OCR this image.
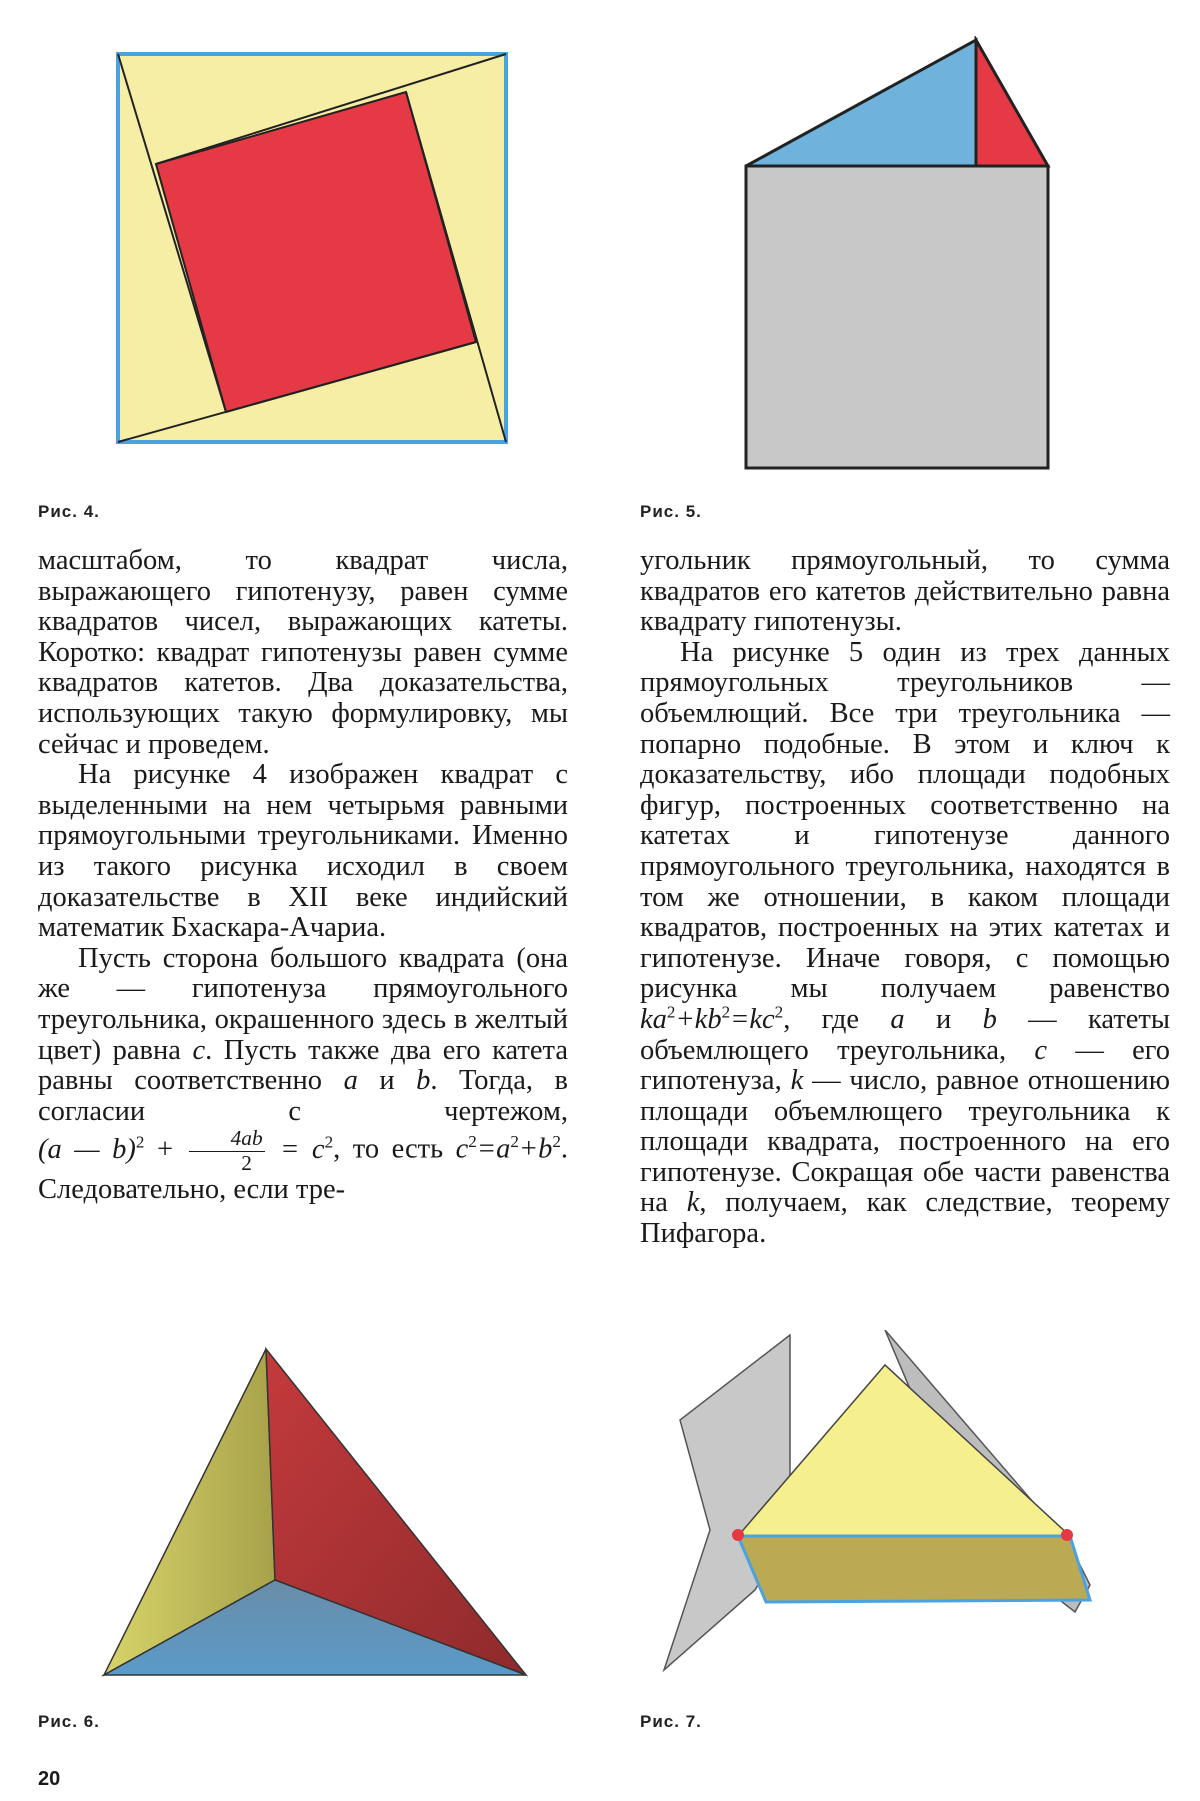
Рис. 4.	Рис. 5.

масштабом, то квадрат числа, выражающего гипотенузу, равен сумме квадратов чисел, выражающих катеты. Коротко: квадрат гипотенузы равен сумме квадратов катетов. Два доказательства, использующих такую формулировку, мы сейчас и проведем.

На рисунке 4 изображен квадрат с выделенными на нем четырьмя равными прямоугольными треугольниками. Именно из такого рисунка исходил в своем доказательстве в XII веке индийский математик Бхаскара-Ачариа.

Пусть сторона большого квадрата (она же — гипотенуза прямоугольного треугольника, окрашенного здесь в желтый цвет) равна c. Пусть также два его катета равны соответственно a и b. Тогда, в согласии с чертежом, (a — $b)^2 + \frac{4ab}{2} = c^2$, то есть $c^2=a^2+b^2$. Следовательно, если тре-

угольник прямоугольный, то сумма квадратов его катетов действительно равна квадрату гипотенузы.

На рисунке 5 один из трех данных прямоугольных треугольников — объемлющий. Все три треугольника — попарно подобные. В этом и ключ к доказательству, ибо площади подобных фигур, построенных соответственно на катетах и гипотенузе данного прямоугольного треугольника, находятся в том же отношении, в каком площади квадратов, построенных на этих катетах и гипотенузе. Иначе говоря, с помощью рисунка мы получаем равенство $ka^2+kb^2=kc^2$, где a и b — катеты объемлющего треугольника, c — его гипотенуза, k — число, равное отношению площади объемлющего треугольника к площади квадрата, построенного на его гипотенузе. Сокращая обе части равенства на k, получаем, как следствие, теорему Пифагора.

Рис. 6.	Рис. 7.
20
